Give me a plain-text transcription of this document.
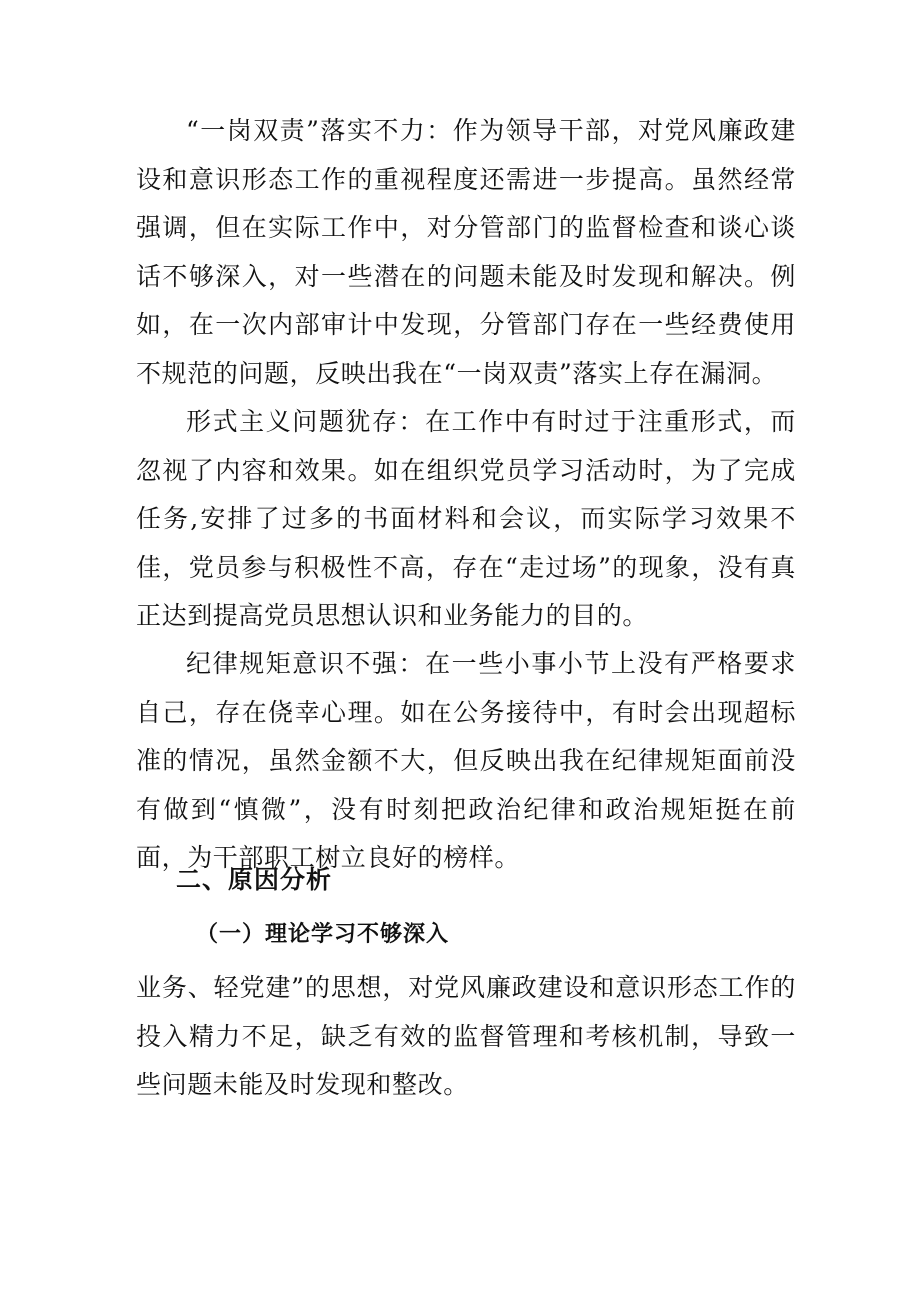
“一岗双责”落实不力：作为领导干部，对党风廉政建设和意识形态工作的重视程度还需进一步提高。虽然经常强调，但在实际工作中，对分管部门的监督检查和谈心谈话不够深入，对一些潜在的问题未能及时发现和解决。例如，在一次内部审计中发现，分管部门存在一些经费使用不规范的问题，反映出我在“一岗双责”落实上存在漏洞。

形式主义问题犹存：在工作中有时过于注重形式，而忽视了内容和效果。如在组织党员学习活动时，为了完成任务,安排了过多的书面材料和会议，而实际学习效果不佳，党员参与积极性不高，存在“走过场”的现象，没有真正达到提高党员思想认识和业务能力的目的。

纪律规矩意识不强：在一些小事小节上没有严格要求自己，存在侥幸心理。如在公务接待中，有时会出现超标准的情况，虽然金额不大，但反映出我在纪律规矩面前没有做到“慎微”，没有时刻把政治纪律和政治规矩挺在前面，为干部职工树立良好的榜样。

二、原因分析
（一）理论学习不够深入

业务、轻党建”的思想，对党风廉政建设和意识形态工作的投入精力不足，缺乏有效的监督管理和考核机制，导致一些问题未能及时发现和整改。
